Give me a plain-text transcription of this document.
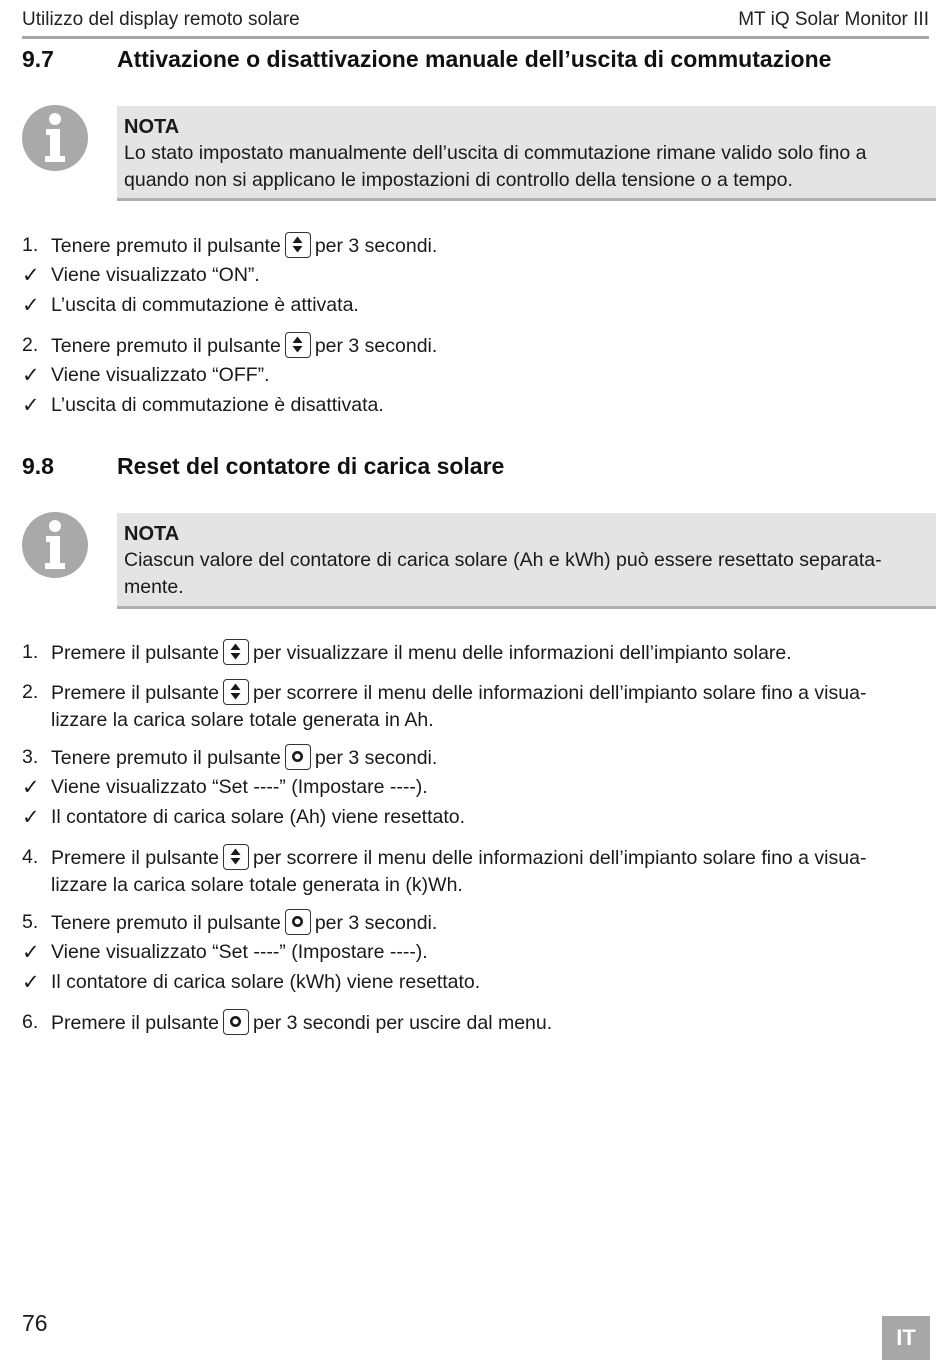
Utilizzo del display remoto solare	MT iQ Solar Monitor III
9.7	Attivazione o disattivazione manuale dell’uscita di commutazione
NOTA
Lo stato impostato manualmente dell’uscita di commutazione rimane valido solo fino a quando non si applicano le impostazioni di controllo della tensione o a tempo.
1. Tenere premuto il pulsante per 3 secondi.
✓ Viene visualizzato “ON”.
✓ L’uscita di commutazione è attivata.
2. Tenere premuto il pulsante per 3 secondi.
✓ Viene visualizzato “OFF”.
✓ L’uscita di commutazione è disattivata.
9.8	Reset del contatore di carica solare
NOTA
Ciascun valore del contatore di carica solare (Ah e kWh) può essere resettato separata-mente.
1. Premere il pulsante per visualizzare il menu delle informazioni dell’impianto solare.
2. Premere il pulsante per scorrere il menu delle informazioni dell’impianto solare fino a visua-
lizzare la carica solare totale generata in Ah.
3. Tenere premuto il pulsante per 3 secondi.
✓ Viene visualizzato “Set ----” (Impostare ----).
✓ Il contatore di carica solare (Ah) viene resettato.
4. Premere il pulsante per scorrere il menu delle informazioni dell’impianto solare fino a visua-
lizzare la carica solare totale generata in (k)Wh.
5. Tenere premuto il pulsante per 3 secondi.
✓ Viene visualizzato “Set ----” (Impostare ----).
✓ Il contatore di carica solare (kWh) viene resettato.
6. Premere il pulsante per 3 secondi per uscire dal menu.
76
IT
